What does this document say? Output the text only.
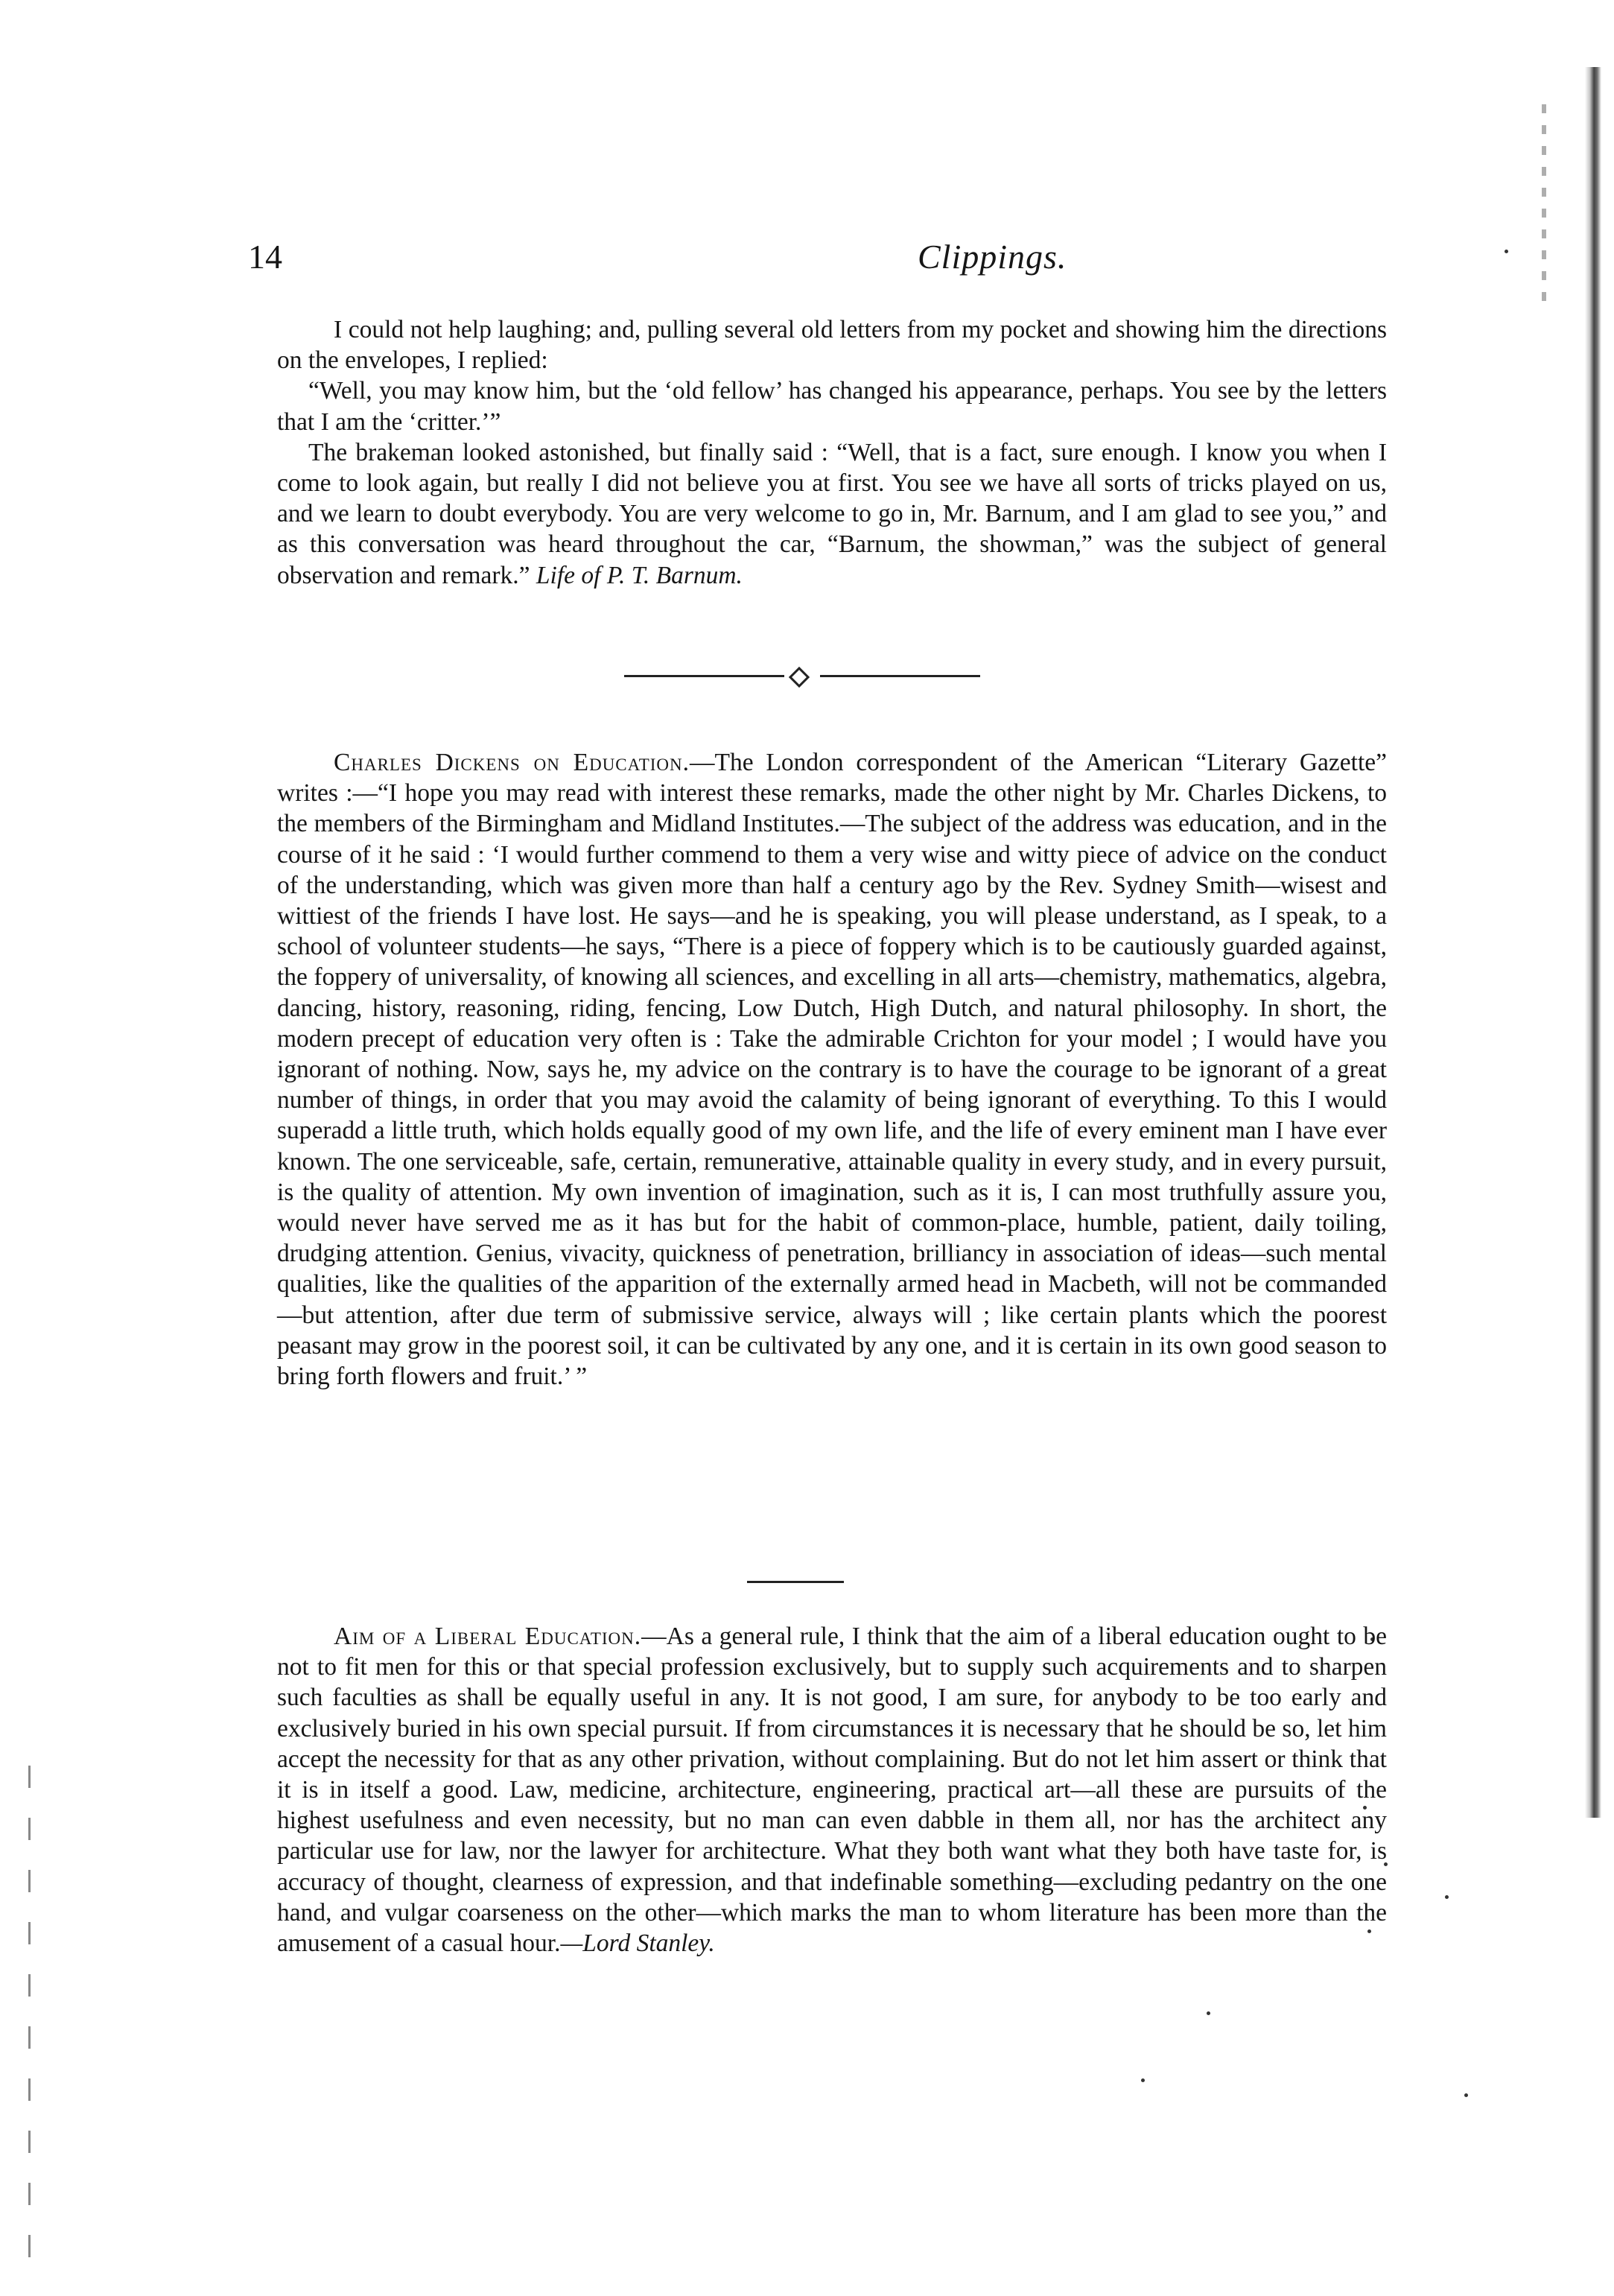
14	Clippings.

I could not help laughing; and, pulling several old letters from my pocket and showing him the directions on the envelopes, I replied:

“Well, you may know him, but the ‘old fellow’ has changed his appearance, perhaps. You see by the letters that I am the ‘critter.’”

The brakeman looked astonished, but finally said : “Well, that is a fact, sure enough. I know you when I come to look again, but really I did not believe you at first. You see we have all sorts of tricks played on us, and we learn to doubt everybody. You are very welcome to go in, Mr. Barnum, and I am glad to see you,” and as this conversation was heard throughout the car, “Barnum, the showman,” was the subject of general observation and remark.” Life of P. T. Barnum.

Charles Dickens on Education.—The London correspondent of the American “Literary Gazette” writes :—“I hope you may read with interest these remarks, made the other night by Mr. Charles Dickens, to the members of the Birmingham and Midland Institutes.—The subject of the address was education, and in the course of it he said : ‘I would further commend to them a very wise and witty piece of advice on the conduct of the understanding, which was given more than half a century ago by the Rev. Sydney Smith—wisest and wittiest of the friends I have lost. He says—and he is speaking, you will please understand, as I speak, to a school of volunteer students—he says, “There is a piece of foppery which is to be cautiously guarded against, the foppery of universality, of knowing all sciences, and excelling in all arts—chemistry, mathematics, algebra, dancing, history, reasoning, riding, fencing, Low Dutch, High Dutch, and natural philosophy. In short, the modern precept of education very often is : Take the admirable Crichton for your model ; I would have you ignorant of nothing. Now, says he, my advice on the contrary is to have the courage to be ignorant of a great number of things, in order that you may avoid the calamity of being ignorant of everything. To this I would superadd a little truth, which holds equally good of my own life, and the life of every eminent man I have ever known. The one serviceable, safe, certain, remunerative, attainable quality in every study, and in every pursuit, is the quality of attention. My own invention of imagination, such as it is, I can most truthfully assure you, would never have served me as it has but for the habit of common-place, humble, patient, daily toiling, drudging attention. Genius, vivacity, quickness of penetration, brilliancy in association of ideas—such mental qualities, like the qualities of the apparition of the externally armed head in Macbeth, will not be commanded—but attention, after due term of submissive service, always will ; like certain plants which the poorest peasant may grow in the poorest soil, it can be cultivated by any one, and it is certain in its own good season to bring forth flowers and fruit.’ ”

Aim of a Liberal Education.—As a general rule, I think that the aim of a liberal education ought to be not to fit men for this or that special profession exclusively, but to supply such acquirements and to sharpen such faculties as shall be equally useful in any. It is not good, I am sure, for anybody to be too early and exclusively buried in his own special pursuit. If from circumstances it is necessary that he should be so, let him accept the necessity for that as any other privation, without complaining. But do not let him assert or think that it is in itself a good. Law, medicine, architecture, engineering, practical art—all these are pursuits of the highest usefulness and even necessity, but no man can even dabble in them all, nor has the architect any particular use for law, nor the lawyer for architecture. What they both want what they both have taste for, is accuracy of thought, clearness of expression, and that indefinable something—excluding pedantry on the one hand, and vulgar coarseness on the other—which marks the man to whom literature has been more than the amusement of a casual hour.—Lord Stanley.
